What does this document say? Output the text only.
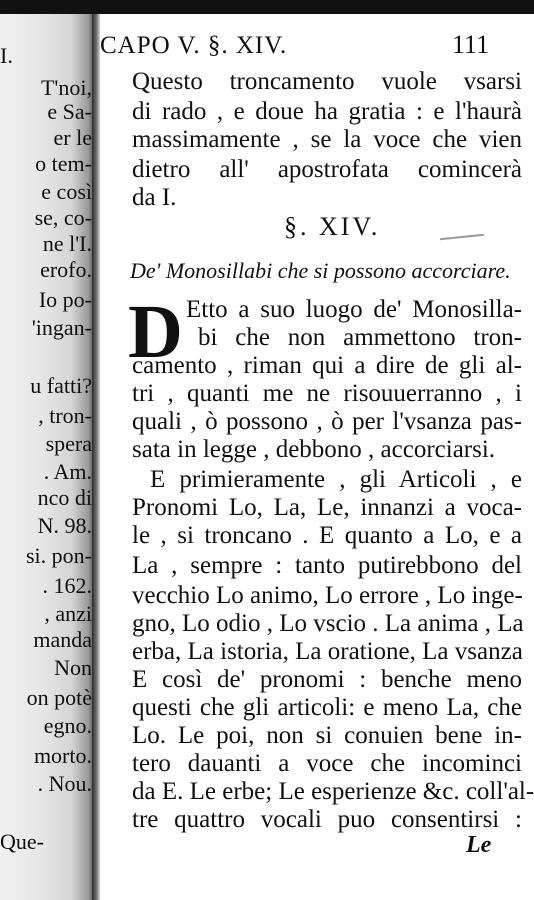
I.
T'noi,
e Sa-
er le
o tem-
e così
se, co-
ne l'I.
erofo.
Io po-
'ingan-
u fatti?
, tron-
spera
. Am.
nco di
N. 98.
si. pon-
. 162.
, anzi
manda
Non
on potè
egno.
morto.
. Nou.
Que-
CAPO V. §. XIV.	111
Questo troncamento vuole vsarsi
di rado , e doue ha gratia : e l'haurà
massimamente , se la voce che vien
dietro all' apostrofata comincerà
da I.
§. XIV.
De' Monosillabi che si possono accorciare.
D Etto a suo luogo de' Monosilla-
bi che non ammettono tron-
camento , riman qui a dire de gli al-
tri , quanti me ne risouuerranno , i
quali , ò possono , ò per l'vsanza pas-
sata in legge , debbono , accorciarsi.
E primieramente , gli Articoli , e
Pronomi Lo, La, Le, innanzi a voca-
le , si troncano . E quanto a Lo, e a
La , sempre : tanto putirebbono del
vecchio Lo animo, Lo errore , Lo inge-
gno, Lo odio , Lo vscio . La anima , La
erba, La istoria, La oratione, La vsanza
E così de' pronomi : benche meno
questi che gli articoli: e meno La, che
Lo. Le poi, non si conuien bene in-
tero dauanti a voce che incominci
da E. Le erbe; Le esperienze &c. coll'al-
tre quattro vocali puo consentirsi :
Le
